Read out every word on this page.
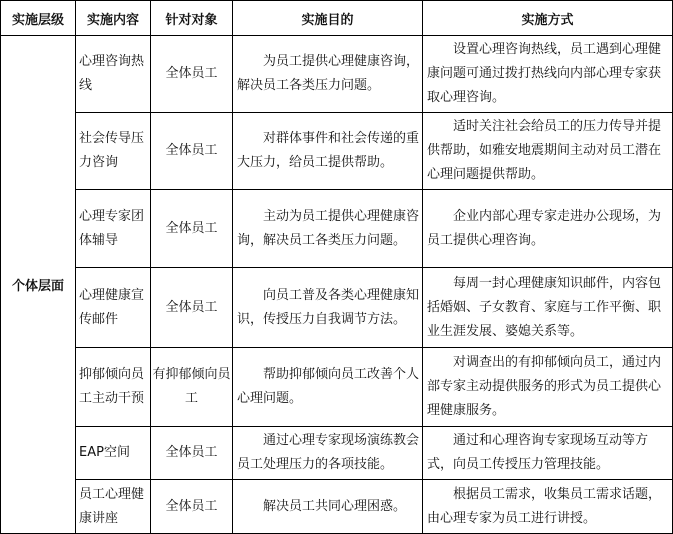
实施层级	实施内容	针对对象	实施目的	实施方式
个体层面	心理咨询热线	全体员工	　　为员工提供心理健康咨询，解决员工各类压力问题。	　　设置心理咨询热线，员工遇到心理健康问题可通过拨打热线向内部心理专家获取心理咨询。
	社会传导压力咨询	全体员工	　　对群体事件和社会传递的重大压力，给员工提供帮助。	　　适时关注社会给员工的压力传导并提供帮助，如雅安地震期间主动对员工潜在心理问题提供帮助。
	心理专家团体辅导	全体员工	　　主动为员工提供心理健康咨询，解决员工各类压力问题。	　　企业内部心理专家走进办公现场，为员工提供心理咨询。
	心理健康宣传邮件	全体员工	　　向员工普及各类心理健康知识，传授压力自我调节方法。	　　每周一封心理健康知识邮件，内容包括婚姻、子女教育、家庭与工作平衡、职业生涯发展、婆媳关系等。
	抑郁倾向员工主动干预	有抑郁倾向员工	　　帮助抑郁倾向员工改善个人心理问题。	　　对调查出的有抑郁倾向员工，通过内部专家主动提供服务的形式为员工提供心理健康服务。
	EAP空间	全体员工	　　通过心理专家现场演练教会员工处理压力的各项技能。	　　通过和心理咨询专家现场互动等方式，向员工传授压力管理技能。
	员工心理健康讲座	全体员工	　　解决员工共同心理困惑。	　　根据员工需求，收集员工需求话题，由心理专家为员工进行讲授。
